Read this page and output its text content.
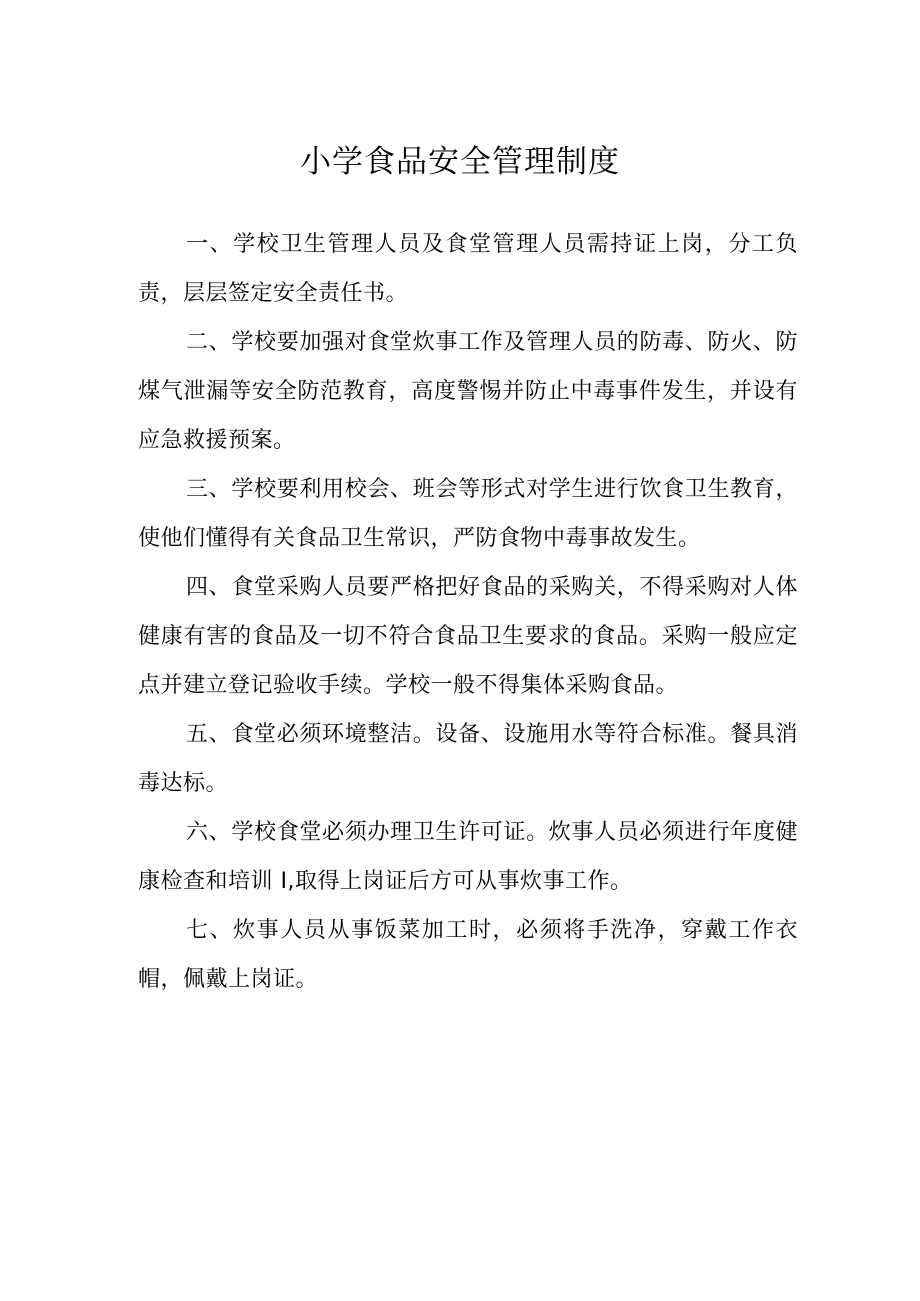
小学食品安全管理制度

一、学校卫生管理人员及食堂管理人员需持证上岗，分工负责，层层签定安全责任书。

二、学校要加强对食堂炊事工作及管理人员的防毒、防火、防煤气泄漏等安全防范教育，高度警惕并防止中毒事件发生，并设有应急救援预案。

三、学校要利用校会、班会等形式对学生进行饮食卫生教育，使他们懂得有关食品卫生常识，严防食物中毒事故发生。

四、食堂采购人员要严格把好食品的采购关，不得采购对人体健康有害的食品及一切不符合食品卫生要求的食品。采购一般应定点并建立登记验收手续。学校一般不得集体采购食品。

五、食堂必须环境整洁。设备、设施用水等符合标准。餐具消毒达标。

六、学校食堂必须办理卫生许可证。炊事人员必须进行年度健康检查和培训 I,取得上岗证后方可从事炊事工作。

七、炊事人员从事饭菜加工时，必须将手洗净，穿戴工作衣帽，佩戴上岗证。
